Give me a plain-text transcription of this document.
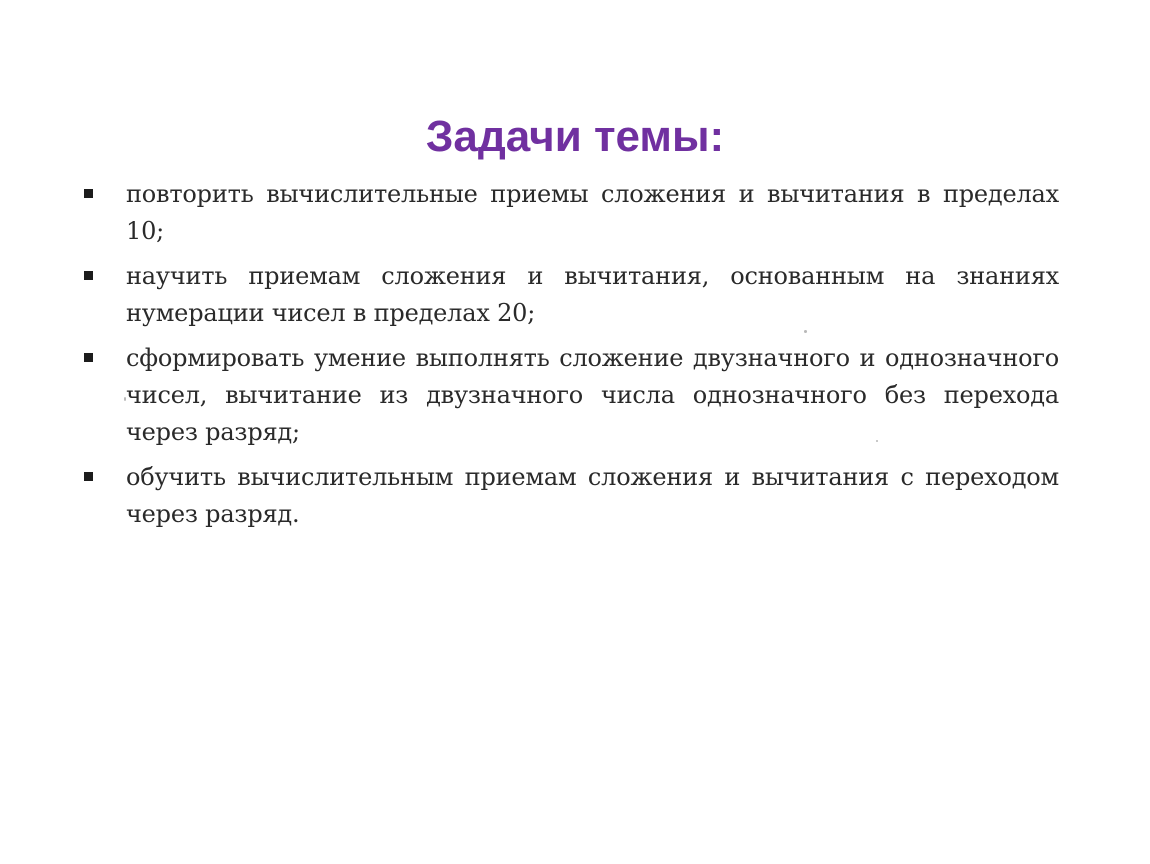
Задачи темы:
повторить вычислительные приемы сложения и вычитания в пределах 10;
научить приемам сложения и вычитания, основанным на знаниях нумерации чисел в пределах 20;
сформировать умение выполнять сложение двузначного и однозначного чисел, вычитание из двузначного числа однозначного без перехода через разряд;
обучить вычислительным приемам сложения и вычитания с переходом через разряд.
